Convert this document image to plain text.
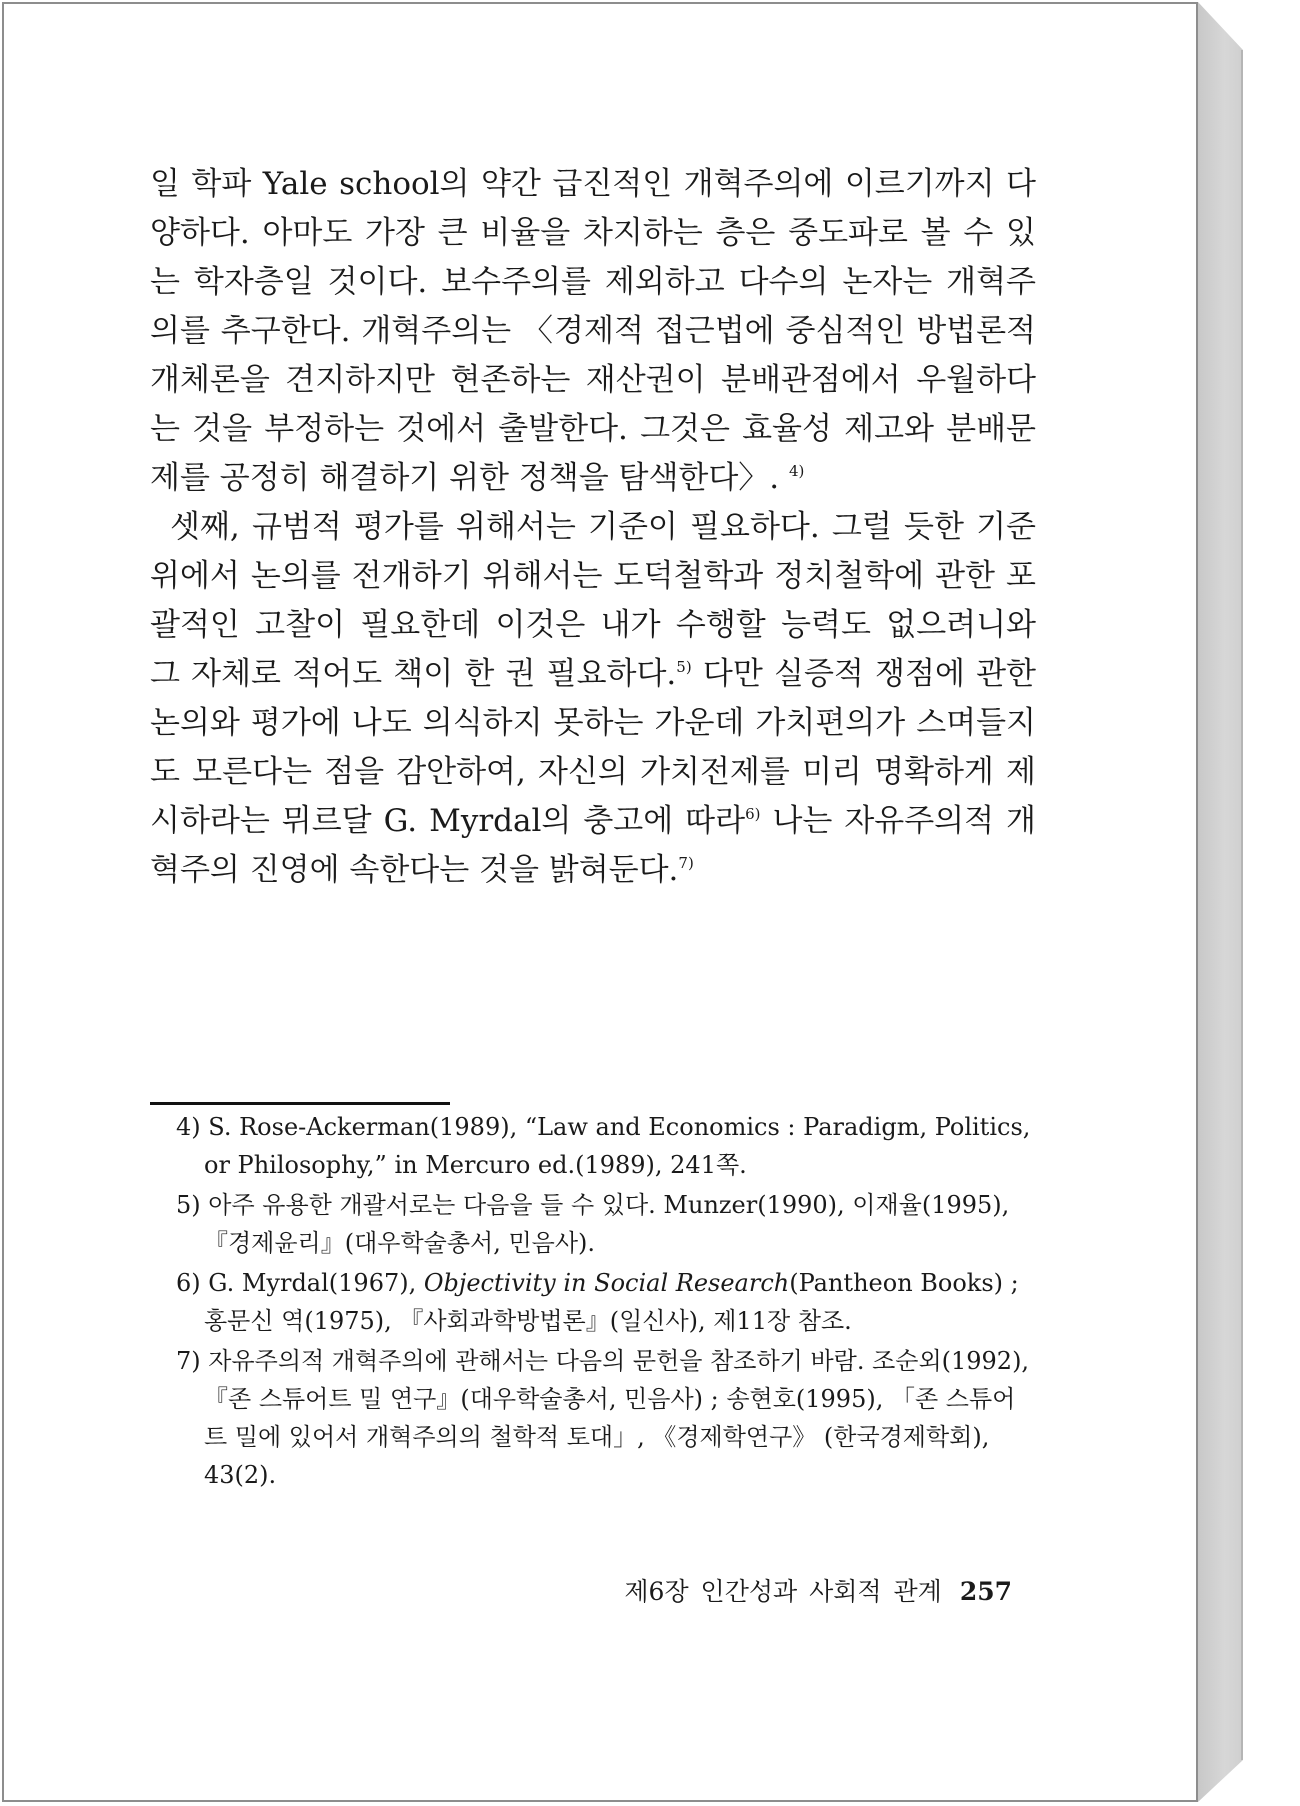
일 학파 Yale school의 약간 급진적인 개혁주의에 이르기까지 다양하다. 아마도 가장 큰 비율을 차지하는 층은 중도파로 볼 수 있는 학자층일 것이다. 보수주의를 제외하고 다수의 논자는 개혁주의를 추구한다. 개혁주의는 〈경제적 접근법에 중심적인 방법론적 개체론을 견지하지만 현존하는 재산권이 분배관점에서 우월하다는 것을 부정하는 것에서 출발한다. 그것은 효율성 제고와 분배문제를 공정히 해결하기 위한 정책을 탐색한다〉. $^{4)}$

셋째, 규범적 평가를 위해서는 기준이 필요하다. 그럴 듯한 기준 위에서 논의를 전개하기 위해서는 도덕철학과 정치철학에 관한 포괄적인 고찰이 필요한데 이것은 내가 수행할 능력도 없으려니와 그 자체로 적어도 책이 한 권 필요하다.$^{5)}$ 다만 실증적 쟁점에 관한 논의와 평가에 나도 의식하지 못하는 가운데 가치편의가 스며들지도 모른다는 점을 감안하여, 자신의 가치전제를 미리 명확하게 제시하라는 뮈르달 G. Myrdal의 충고에 따라$^{6)}$ 나는 자유주의적 개혁주의 진영에 속한다는 것을 밝혀둔다.$^{7)}$

4) S. Rose-Ackerman(1989), “Law and Economics : Paradigm, Politics, or Philosophy,” in Mercuro ed.(1989), 241쪽.

5) 아주 유용한 개괄서로는 다음을 들 수 있다. Munzer(1990), 이재율(1995), 『경제윤리』(대우학술총서, 민음사).

6) G. Myrdal(1967), Objectivity in Social Research(Pantheon Books) ; 홍문신 역(1975), 『사회과학방법론』(일신사), 제11장 참조.

7) 자유주의적 개혁주의에 관해서는 다음의 문헌을 참조하기 바람. 조순외(1992), 『존 스튜어트 밀 연구』(대우학술총서, 민음사) ; 송현호(1995), 「존 스튜어트 밀에 있어서 개혁주의의 철학적 토대」, 《경제학연구》 (한국경제학회), 43(2).

제6장 인간성과 사회적 관계 257
